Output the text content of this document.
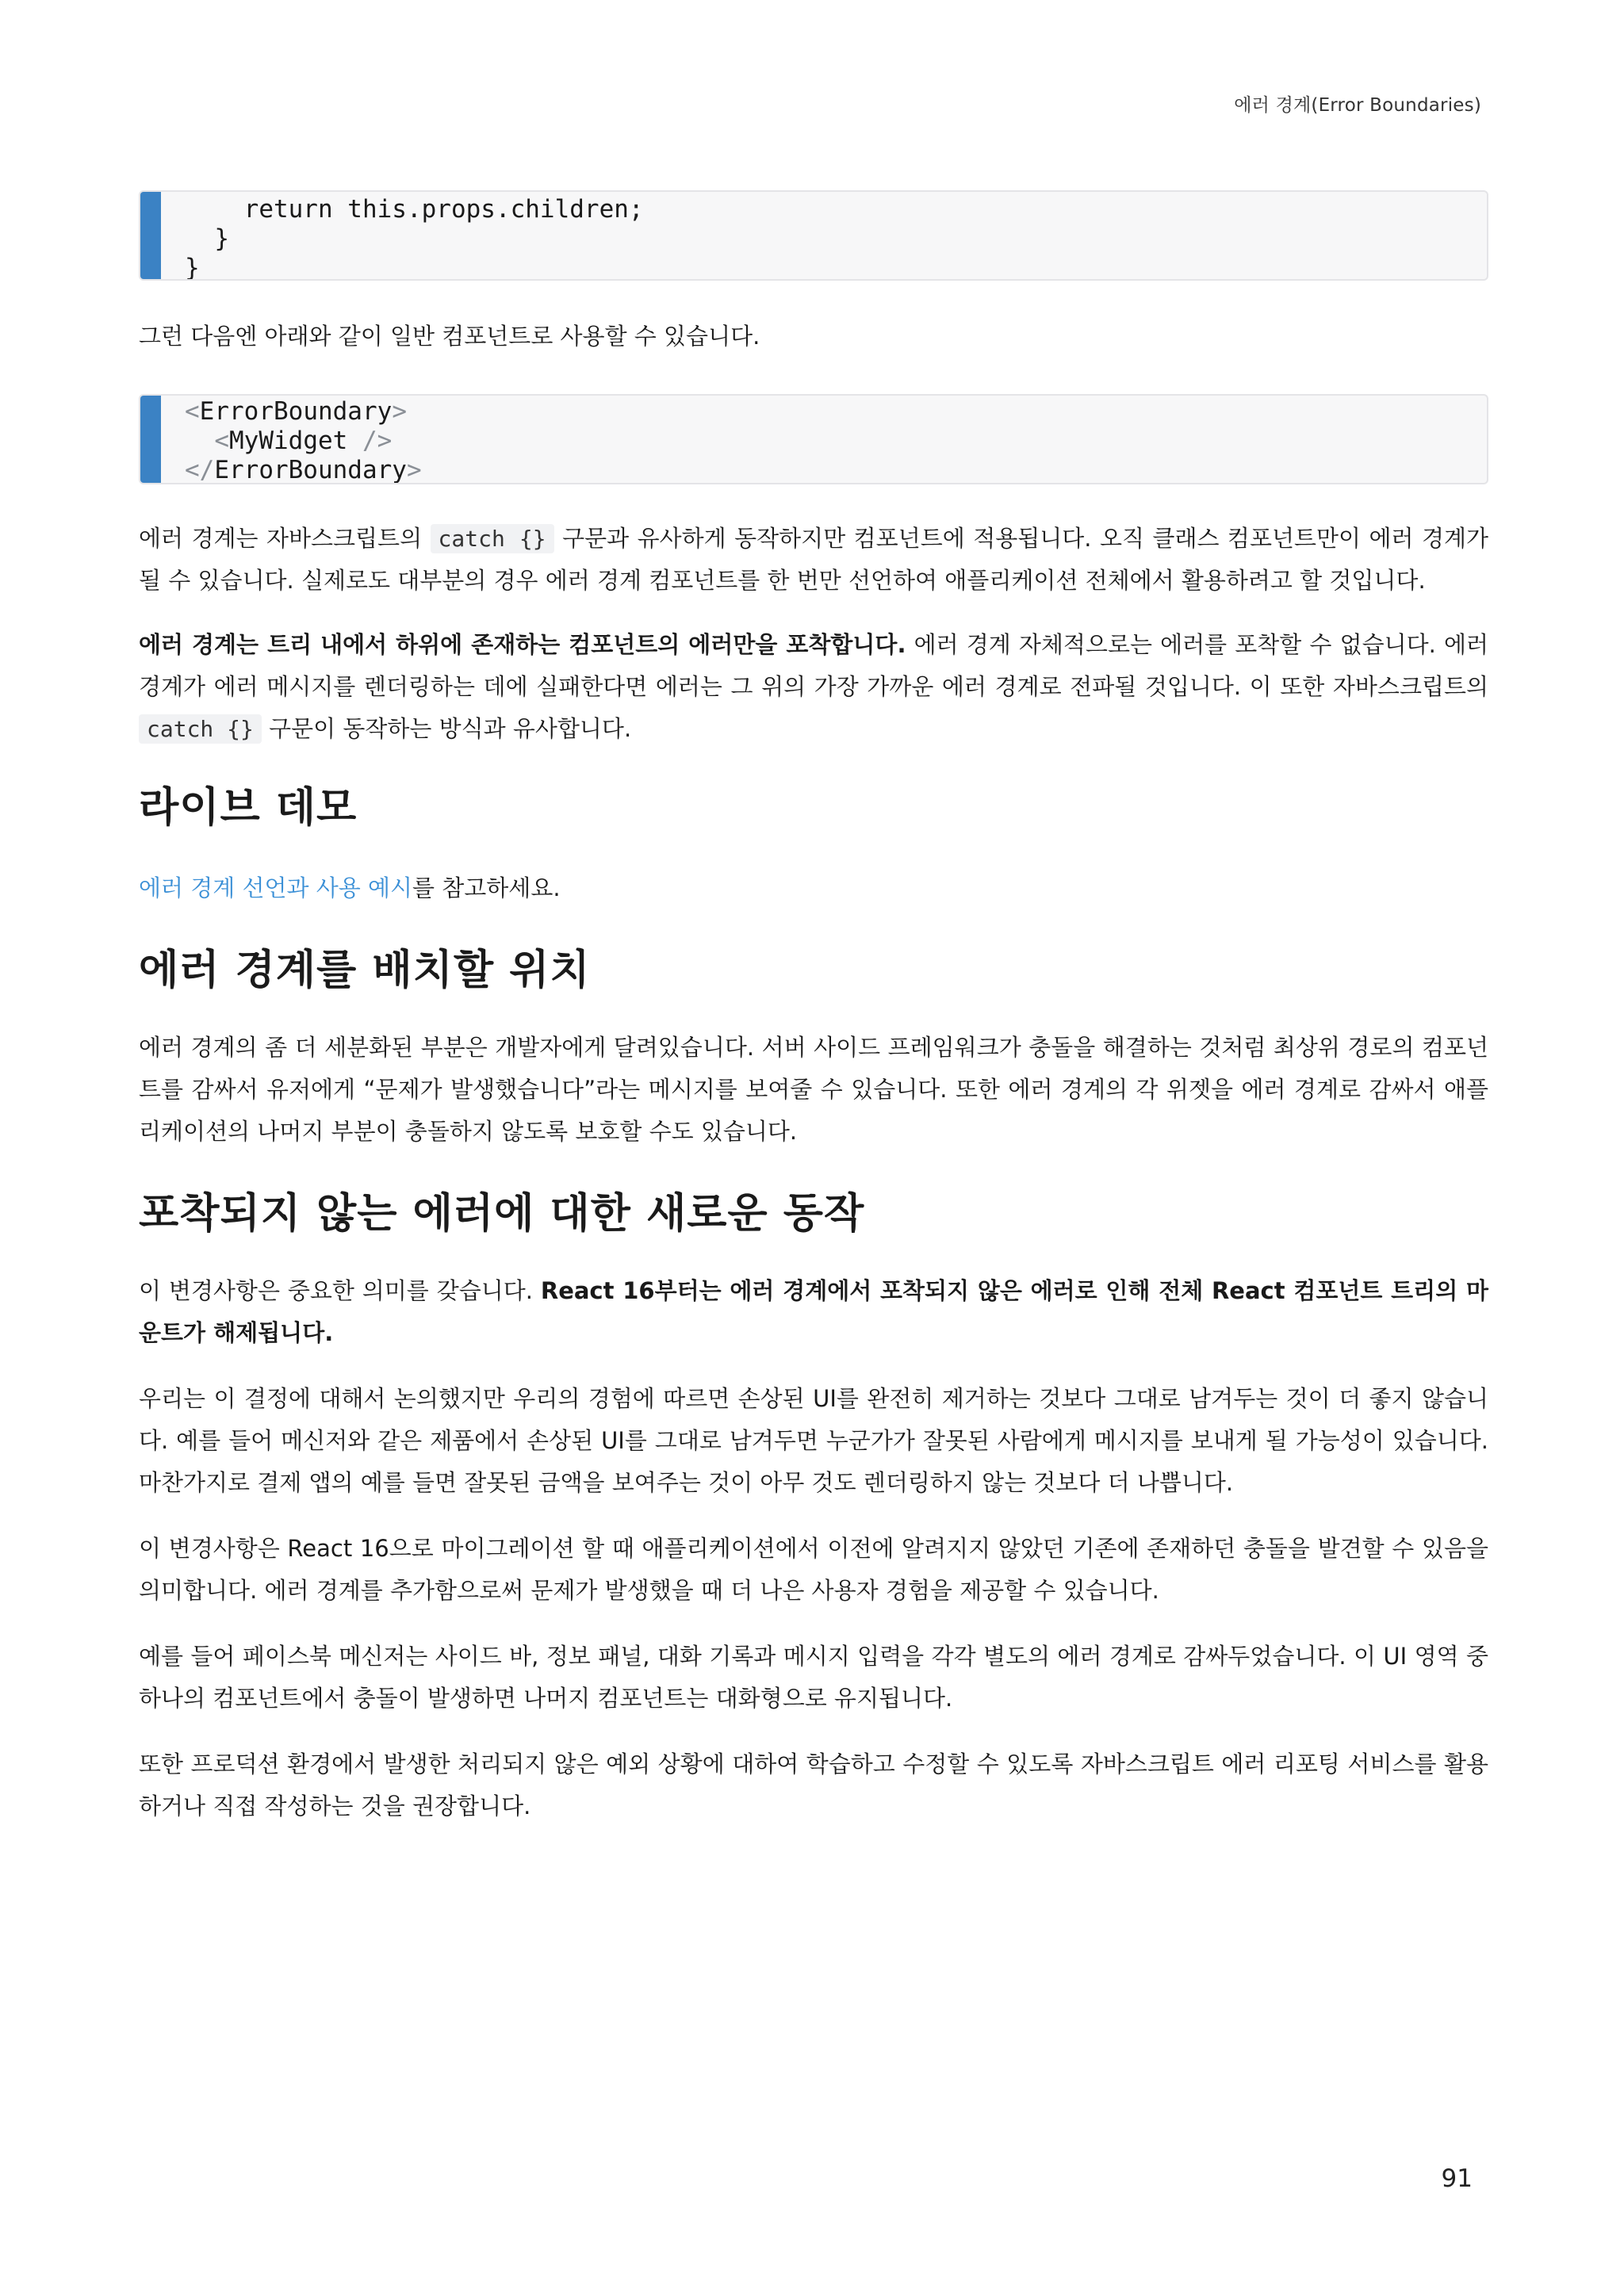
에러 경계(Error Boundaries)
return this.props.children;
}
}

그런 다음엔 아래와 같이 일반 컴포넌트로 사용할 수 있습니다.

<ErrorBoundary>
<MyWidget />
</ErrorBoundary>

에러 경계는 자바스크립트의 catch {} 구문과 유사하게 동작하지만 컴포넌트에 적용됩니다. 오직 클래스 컴포넌트만이 에러 경계가 될 수 있습니다. 실제로도 대부분의 경우 에러 경계 컴포넌트를 한 번만 선언하여 애플리케이션 전체에서 활용하려고 할 것입니다.

에러 경계는 트리 내에서 하위에 존재하는 컴포넌트의 에러만을 포착합니다. 에러 경계 자체적으로는 에러를 포착할 수 없습니다. 에러 경계가 에러 메시지를 렌더링하는 데에 실패한다면 에러는 그 위의 가장 가까운 에러 경계로 전파될 것입니다. 이 또한 자바스크립트의 catch {} 구문이 동작하는 방식과 유사합니다.

라이브 데모

에러 경계 선언과 사용 예시를 참고하세요.

에러 경계를 배치할 위치

에러 경계의 좀 더 세분화된 부분은 개발자에게 달려있습니다. 서버 사이드 프레임워크가 충돌을 해결하는 것처럼 최상위 경로의 컴포넌트를 감싸서 유저에게 “문제가 발생했습니다”라는 메시지를 보여줄 수 있습니다. 또한 에러 경계의 각 위젯을 에러 경계로 감싸서 애플리케이션의 나머지 부분이 충돌하지 않도록 보호할 수도 있습니다.

포착되지 않는 에러에 대한 새로운 동작

이 변경사항은 중요한 의미를 갖습니다. React 16부터는 에러 경계에서 포착되지 않은 에러로 인해 전체 React 컴포넌트 트리의 마운트가 해제됩니다.

우리는 이 결정에 대해서 논의했지만 우리의 경험에 따르면 손상된 UI를 완전히 제거하는 것보다 그대로 남겨두는 것이 더 좋지 않습니다. 예를 들어 메신저와 같은 제품에서 손상된 UI를 그대로 남겨두면 누군가가 잘못된 사람에게 메시지를 보내게 될 가능성이 있습니다. 마찬가지로 결제 앱의 예를 들면 잘못된 금액을 보여주는 것이 아무 것도 렌더링하지 않는 것보다 더 나쁩니다.

이 변경사항은 React 16으로 마이그레이션 할 때 애플리케이션에서 이전에 알려지지 않았던 기존에 존재하던 충돌을 발견할 수 있음을 의미합니다. 에러 경계를 추가함으로써 문제가 발생했을 때 더 나은 사용자 경험을 제공할 수 있습니다.

예를 들어 페이스북 메신저는 사이드 바, 정보 패널, 대화 기록과 메시지 입력을 각각 별도의 에러 경계로 감싸두었습니다. 이 UI 영역 중 하나의 컴포넌트에서 충돌이 발생하면 나머지 컴포넌트는 대화형으로 유지됩니다.

또한 프로덕션 환경에서 발생한 처리되지 않은 예외 상황에 대하여 학습하고 수정할 수 있도록 자바스크립트 에러 리포팅 서비스를 활용하거나 직접 작성하는 것을 권장합니다.

91
